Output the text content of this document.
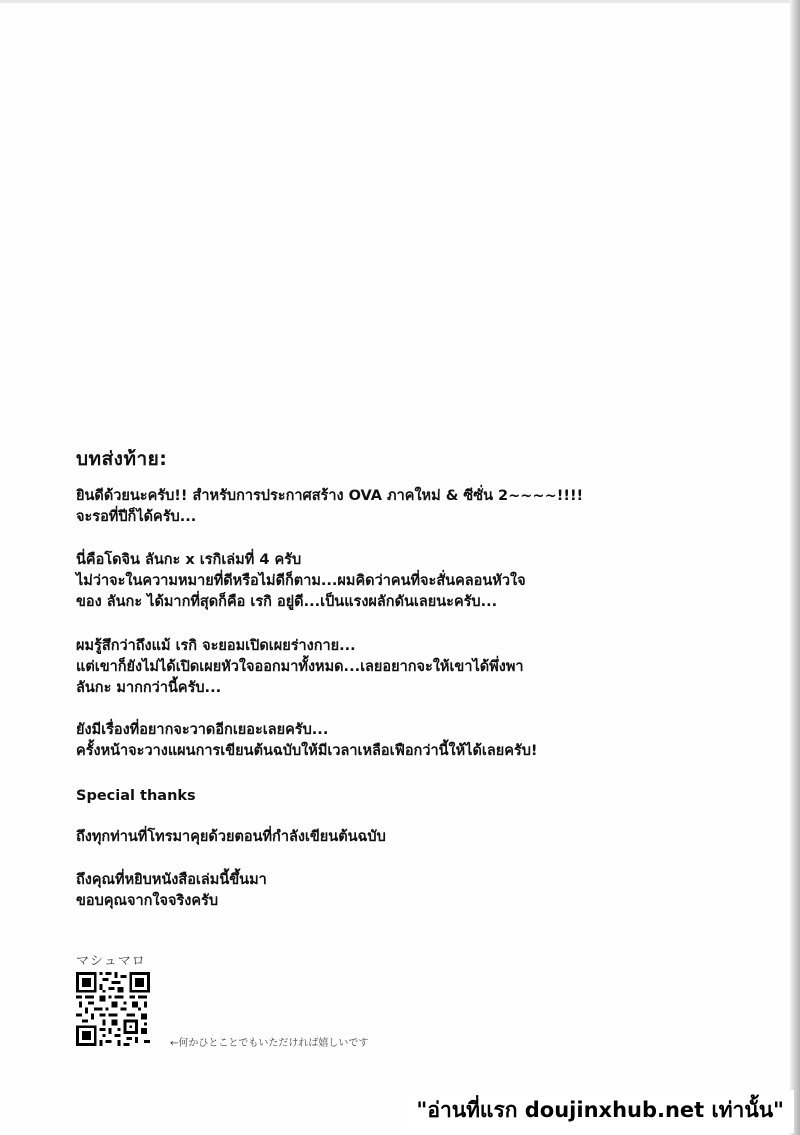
บทส่งท้าย:
ยินดีด้วยนะครับ!! สำหรับการประกาศสร้าง OVA ภาคใหม่ & ซีซั่น 2~~~~!!!!
จะรอที่ปีก็ได้ครับ...
นี่คือโดจิน ลันกะ x เรกิเล่มที่ 4 ครับ
ไม่ว่าจะในความหมายที่ดีหรือไม่ดีก็ตาม...ผมคิดว่าคนที่จะสั่นคลอนหัวใจ
ของ ลันกะ ได้มากที่สุดก็คือ เรกิ อยู่ดี...เป็นแรงผลักดันเลยนะครับ...
ผมรู้สึกว่าถึงแม้ เรกิ จะยอมเปิดเผยร่างกาย...
แต่เขาก็ยังไม่ได้เปิดเผยหัวใจออกมาทั้งหมด...เลยอยากจะให้เขาได้พึ่งพา
ลันกะ มากกว่านี้ครับ...
ยังมีเรื่องที่อยากจะวาดอีกเยอะเลยครับ...
ครั้งหน้าจะวางแผนการเขียนต้นฉบับให้มีเวลาเหลือเฟือกว่านี้ให้ได้เลยครับ!
Special thanks
ถึงทุกท่านที่โทรมาคุยด้วยตอนที่กำลังเขียนต้นฉบับ
ถึงคุณที่หยิบหนังสือเล่มนี้ขึ้นมา
ขอบคุณจากใจจริงครับ
マシュマロ
←何かひとことでもいただければ嬉しいです
"อ่านที่แรก doujinxhub.net เท่านั้น"
